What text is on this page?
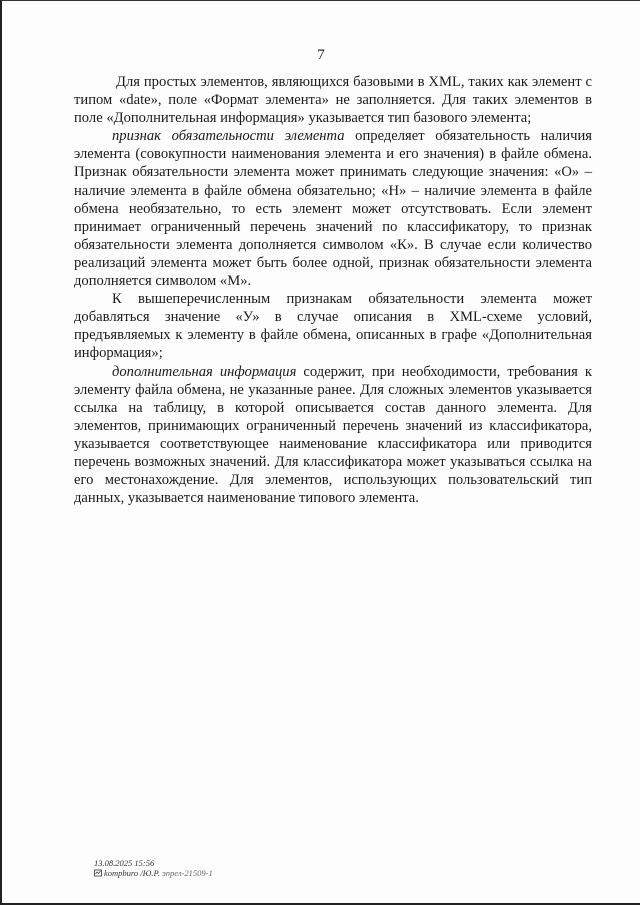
7

Для простых элементов, являющихся базовыми в XML, таких как элемент с типом «date», поле «Формат элемента» не заполняется. Для таких элементов в поле «Дополнительная информация» указывается тип базового элемента;

признак обязательности элемента определяет обязательность наличия элемента (совокупности наименования элемента и его значения) в файле обмена. Признак обязательности элемента может принимать следующие значения: «О» – наличие элемента в файле обмена обязательно; «Н» – наличие элемента в файле обмена необязательно, то есть элемент может отсутствовать. Если элемент принимает ограниченный перечень значений по классификатору, то признак обязательности элемента дополняется символом «К». В случае если количество реализаций элемента может быть более одной, признак обязательности элемента дополняется символом «М».

К вышеперечисленным признакам обязательности элемента может добавляться значение «У» в случае описания в XML-схеме условий, предъявляемых к элементу в файле обмена, описанных в графе «Дополнительная информация»;

дополнительная информация содержит, при необходимости, требования к элементу файла обмена, не указанные ранее. Для сложных элементов указывается ссылка на таблицу, в которой описывается состав данного элемента. Для элементов, принимающих ограниченный перечень значений из классификатора, указывается соответствующее наименование классификатора или приводится перечень возможных значений. Для классификатора может указываться ссылка на его местонахождение. Для элементов, использующих пользовательский тип данных, указывается наименование типового элемента.

13.08.2025 15:56
kompburo /Ю.Р. эпрел-21509-1
